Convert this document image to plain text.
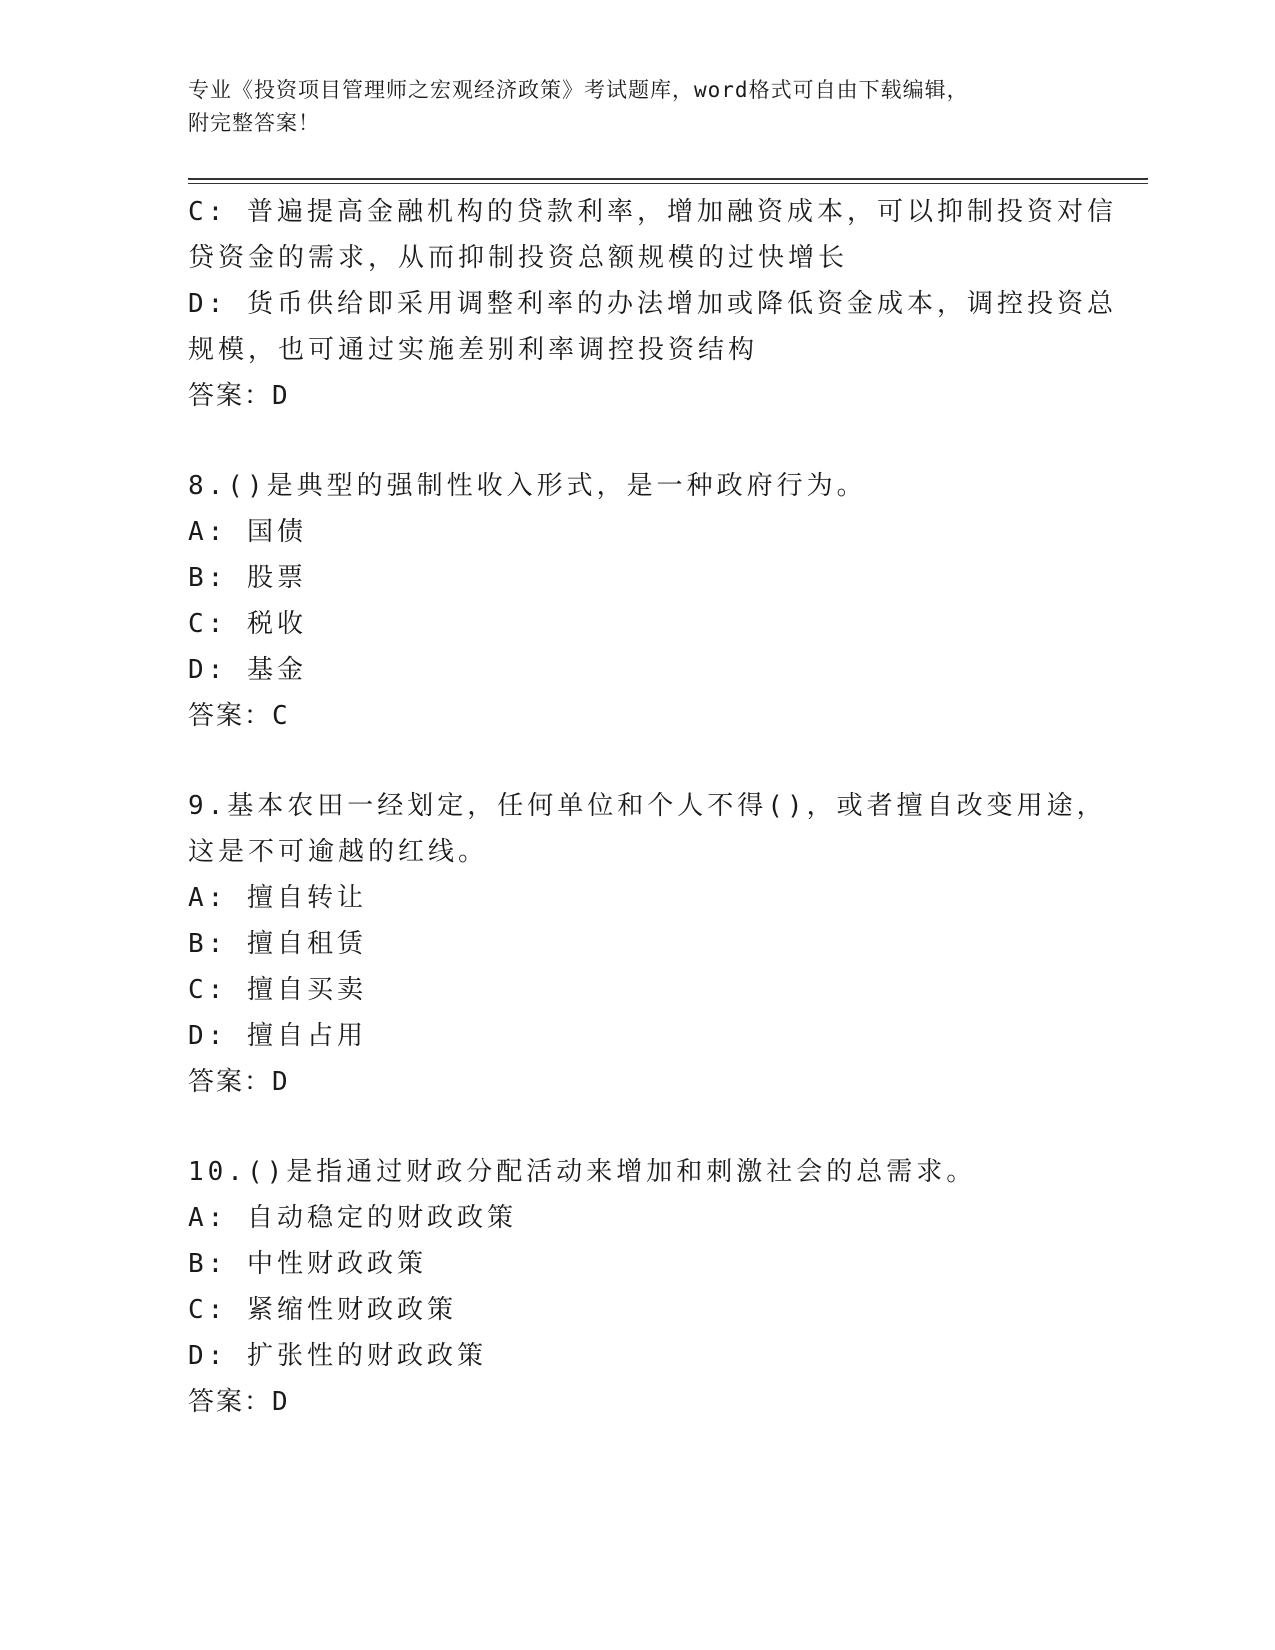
专业《投资项目管理师之宏观经济政策》考试题库，word格式可自由下载编辑，
附完整答案！
C: 普遍提高金融机构的贷款利率，增加融资成本，可以抑制投资对信
贷资金的需求，从而抑制投资总额规模的过快增长
D: 货币供给即采用调整利率的办法增加或降低资金成本，调控投资总
规模，也可通过实施差别利率调控投资结构
答案：D
8.()是典型的强制性收入形式，是一种政府行为。
A: 国债
B: 股票
C: 税收
D: 基金
答案：C
9.基本农田一经划定，任何单位和个人不得()，或者擅自改变用途，
这是不可逾越的红线。
A: 擅自转让
B: 擅自租赁
C: 擅自买卖
D: 擅自占用
答案：D
10.()是指通过财政分配活动来增加和刺激社会的总需求。
A: 自动稳定的财政政策
B: 中性财政政策
C: 紧缩性财政政策
D: 扩张性的财政政策
答案：D
